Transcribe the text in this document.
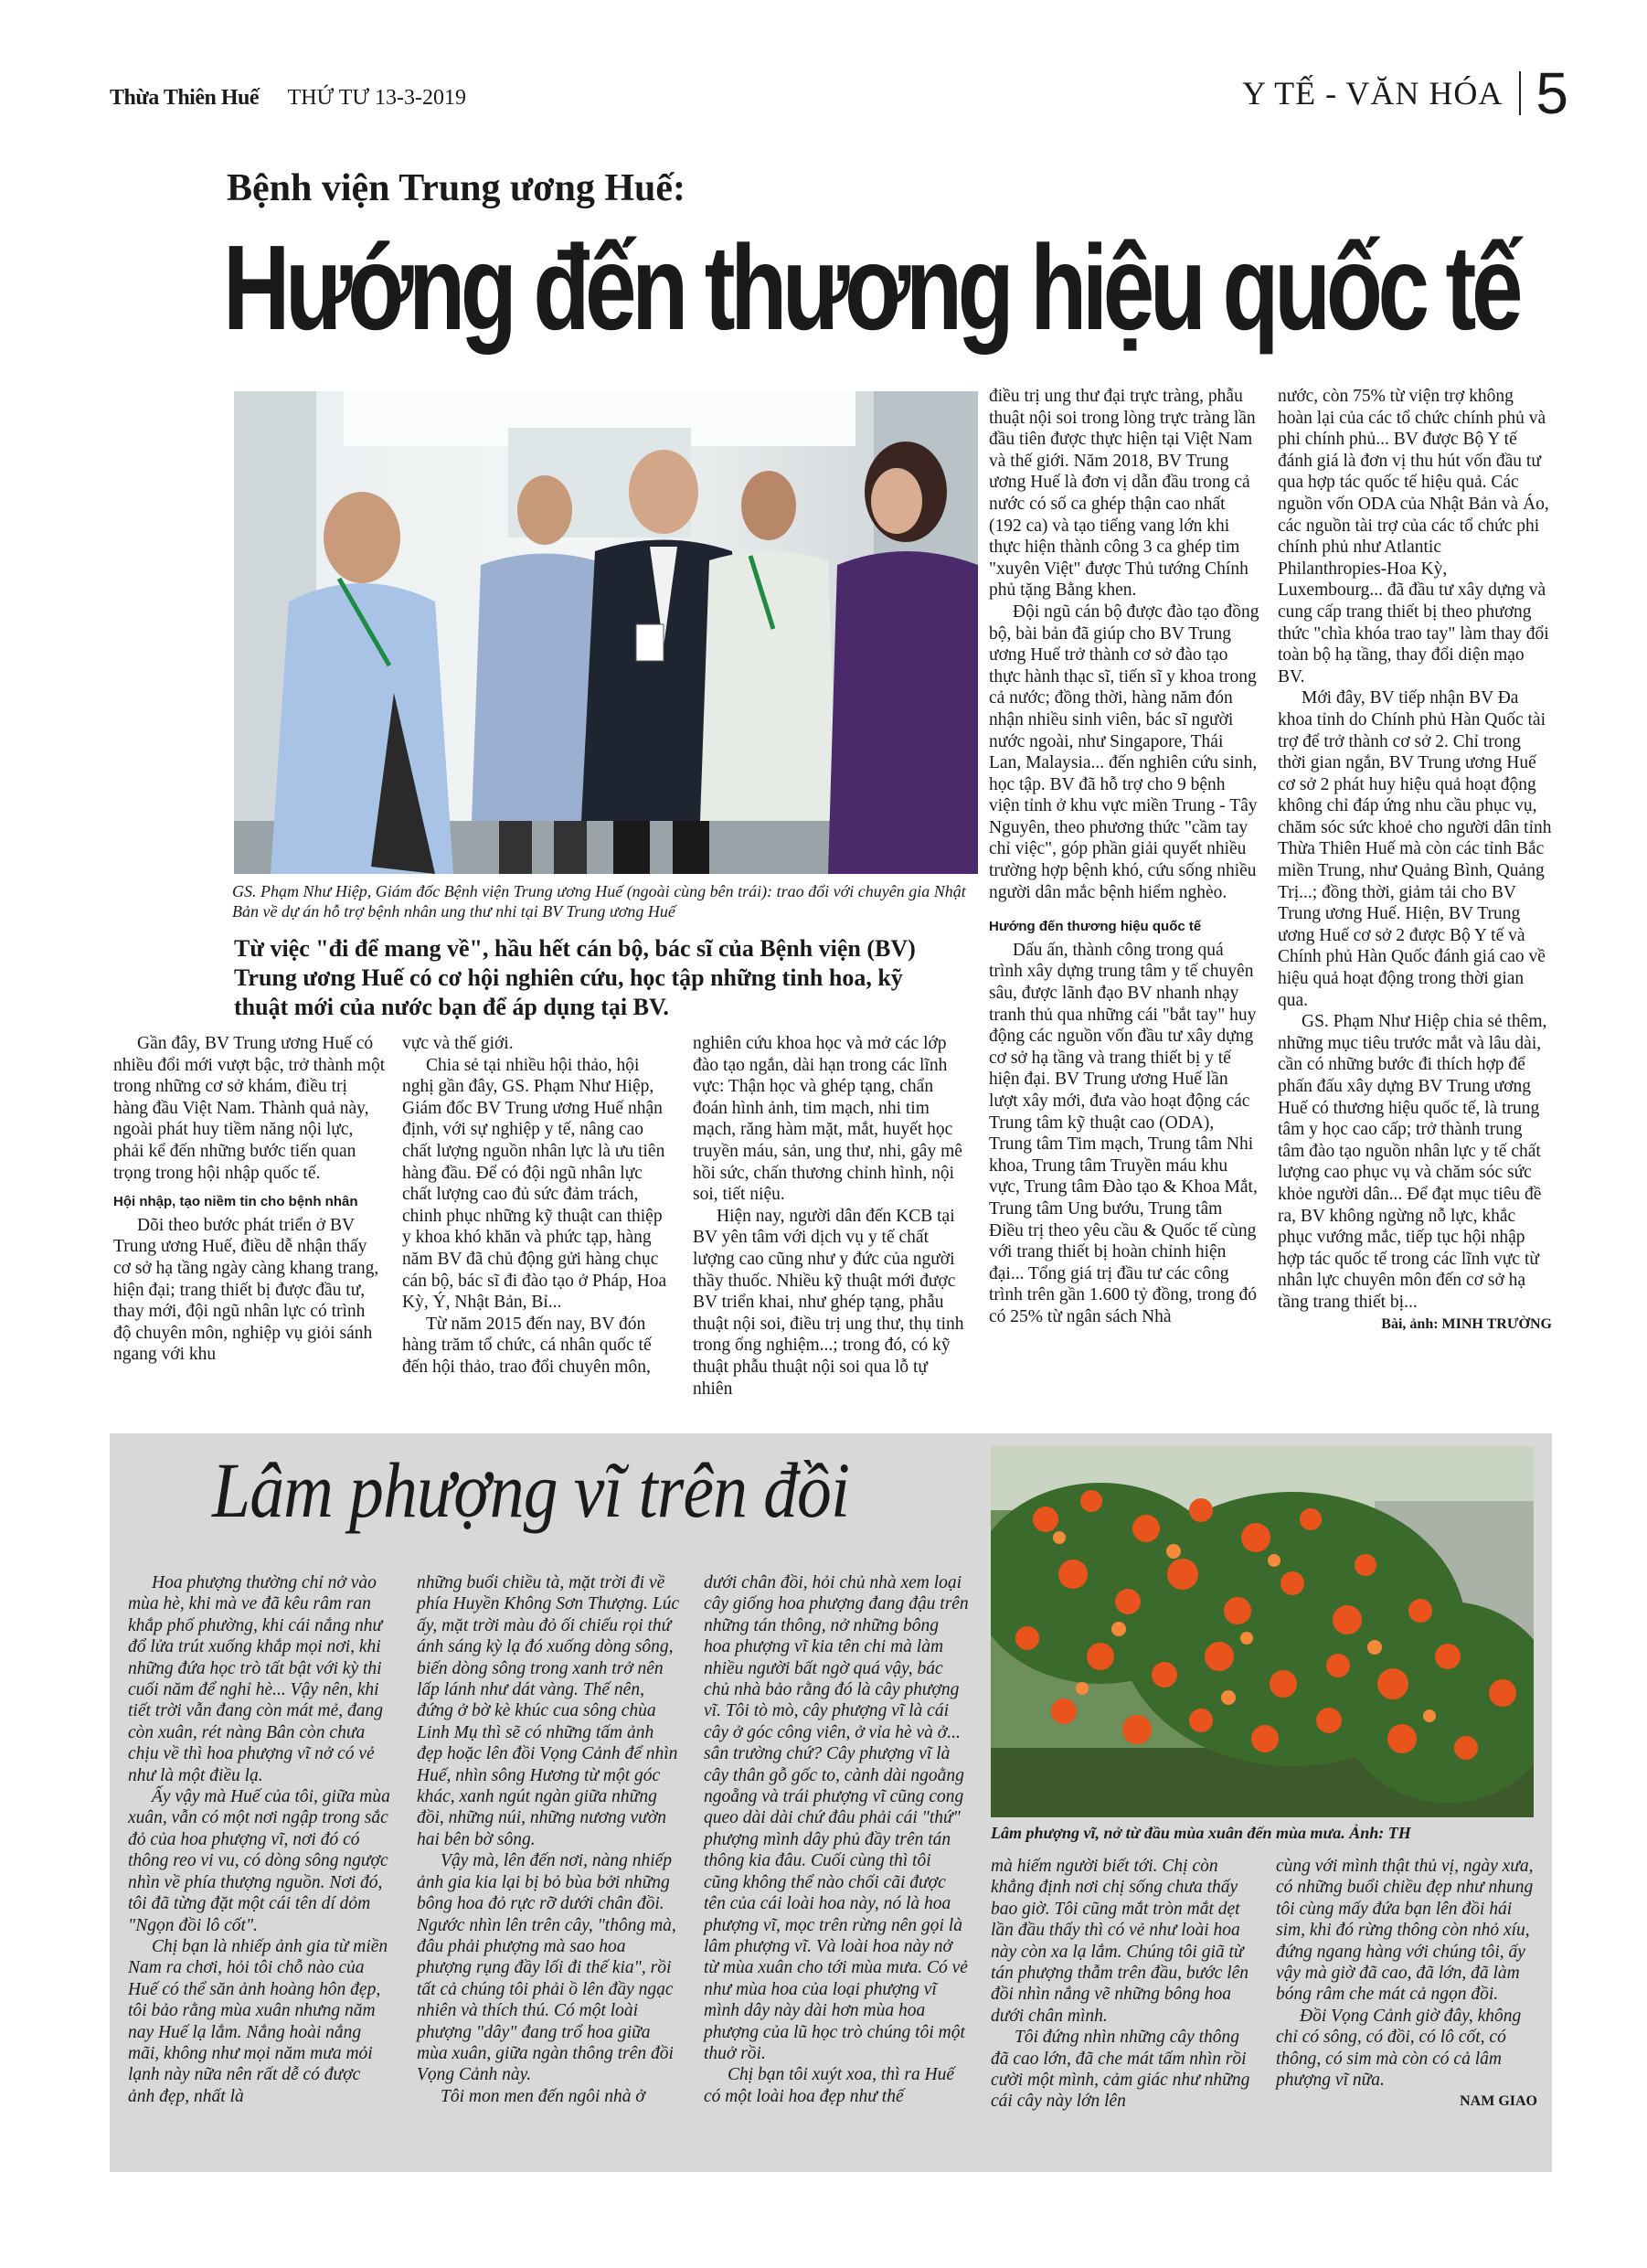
Thừa Thiên Huế THỨ TƯ 13-3-2019	Y TẾ - VĂN HÓA 5
Bệnh viện Trung ương Huế:
Hướng đến thương hiệu quốc tế
GS. Phạm Như Hiệp, Giám đốc Bệnh viện Trung ương Huế (ngoài cùng bên trái): trao đổi với chuyên gia Nhật Bản về dự án hỗ trợ bệnh nhân ung thư nhi tại BV Trung ương Huế
Từ việc "đi để mang về", hầu hết cán bộ, bác sĩ của Bệnh viện (BV) Trung ương Huế có cơ hội nghiên cứu, học tập những tinh hoa, kỹ thuật mới của nước bạn để áp dụng tại BV.

Gần đây, BV Trung ương Huế có nhiều đổi mới vượt bậc, trở thành một trong những cơ sở khám, điều trị hàng đầu Việt Nam. Thành quả này, ngoài phát huy tiềm năng nội lực, phải kể đến những bước tiến quan trọng trong hội nhập quốc tế.

Hội nhập, tạo niềm tin cho bệnh nhân

Dõi theo bước phát triển ở BV Trung ương Huế, điều dễ nhận thấy cơ sở hạ tầng ngày càng khang trang, hiện đại; trang thiết bị được đầu tư, thay mới, đội ngũ nhân lực có trình độ chuyên môn, nghiệp vụ giỏi sánh ngang với khu

vực và thế giới.

Chia sẻ tại nhiều hội thảo, hội nghị gần đây, GS. Phạm Như Hiệp, Giám đốc BV Trung ương Huế nhận định, với sự nghiệp y tế, nâng cao chất lượng nguồn nhân lực là ưu tiên hàng đầu. Để có đội ngũ nhân lực chất lượng cao đủ sức đảm trách, chinh phục những kỹ thuật can thiệp y khoa khó khăn và phức tạp, hàng năm BV đã chủ động gửi hàng chục cán bộ, bác sĩ đi đào tạo ở Pháp, Hoa Kỳ, Ý, Nhật Bản, Bỉ...

Từ năm 2015 đến nay, BV đón hàng trăm tổ chức, cá nhân quốc tế đến hội thảo, trao đổi chuyên môn,

nghiên cứu khoa học và mở các lớp đào tạo ngắn, dài hạn trong các lĩnh vực: Thận học và ghép tạng, chẩn đoán hình ảnh, tim mạch, nhi tim mạch, răng hàm mặt, mắt, huyết học truyền máu, sản, ung thư, nhi, gây mê hồi sức, chấn thương chỉnh hình, nội soi, tiết niệu.

Hiện nay, người dân đến KCB tại BV yên tâm với dịch vụ y tế chất lượng cao cũng như y đức của người thầy thuốc. Nhiều kỹ thuật mới được BV triển khai, như ghép tạng, phẫu thuật nội soi, điều trị ung thư, thụ tinh trong ống nghiệm...; trong đó, có kỹ thuật phẫu thuật nội soi qua lỗ tự nhiên

điều trị ung thư đại trực tràng, phẫu thuật nội soi trong lòng trực tràng lần đầu tiên được thực hiện tại Việt Nam và thế giới. Năm 2018, BV Trung ương Huế là đơn vị dẫn đầu trong cả nước có số ca ghép thận cao nhất (192 ca) và tạo tiếng vang lớn khi thực hiện thành công 3 ca ghép tim "xuyên Việt" được Thủ tướng Chính phủ tặng Bằng khen.

Đội ngũ cán bộ được đào tạo đồng bộ, bài bản đã giúp cho BV Trung ương Huế trở thành cơ sở đào tạo thực hành thạc sĩ, tiến sĩ y khoa trong cả nước; đồng thời, hàng năm đón nhận nhiều sinh viên, bác sĩ người nước ngoài, như Singapore, Thái Lan, Malaysia... đến nghiên cứu sinh, học tập. BV đã hỗ trợ cho 9 bệnh viện tỉnh ở khu vực miền Trung - Tây Nguyên, theo phương thức "cầm tay chỉ việc", góp phần giải quyết nhiều trường hợp bệnh khó, cứu sống nhiều người dân mắc bệnh hiểm nghèo.

Hướng đến thương hiệu quốc tế

Dấu ấn, thành công trong quá trình xây dựng trung tâm y tế chuyên sâu, được lãnh đạo BV nhanh nhạy tranh thủ qua những cái "bắt tay" huy động các nguồn vốn đầu tư xây dựng cơ sở hạ tầng và trang thiết bị y tế hiện đại. BV Trung ương Huế lần lượt xây mới, đưa vào hoạt động các Trung tâm kỹ thuật cao (ODA), Trung tâm Tim mạch, Trung tâm Nhi khoa, Trung tâm Truyền máu khu vực, Trung tâm Đào tạo & Khoa Mắt, Trung tâm Ung bướu, Trung tâm Điều trị theo yêu cầu & Quốc tế cùng với trang thiết bị hoàn chỉnh hiện đại... Tổng giá trị đầu tư các công trình trên gần 1.600 tỷ đồng, trong đó có 25% từ ngân sách Nhà

nước, còn 75% từ viện trợ không hoàn lại của các tổ chức chính phủ và phi chính phủ... BV được Bộ Y tế đánh giá là đơn vị thu hút vốn đầu tư qua hợp tác quốc tế hiệu quả. Các nguồn vốn ODA của Nhật Bản và Áo, các nguồn tài trợ của các tổ chức phi chính phủ như Atlantic Philanthropies-Hoa Kỳ, Luxembourg... đã đầu tư xây dựng và cung cấp trang thiết bị theo phương thức "chìa khóa trao tay" làm thay đổi toàn bộ hạ tầng, thay đổi diện mạo BV.

Mới đây, BV tiếp nhận BV Đa khoa tỉnh do Chính phủ Hàn Quốc tài trợ để trở thành cơ sở 2. Chỉ trong thời gian ngắn, BV Trung ương Huế cơ sở 2 phát huy hiệu quả hoạt động không chỉ đáp ứng nhu cầu phục vụ, chăm sóc sức khoẻ cho người dân tỉnh Thừa Thiên Huế mà còn các tỉnh Bắc miền Trung, như Quảng Bình, Quảng Trị...; đồng thời, giảm tải cho BV Trung ương Huế. Hiện, BV Trung ương Huế cơ sở 2 được Bộ Y tế và Chính phủ Hàn Quốc đánh giá cao về hiệu quả hoạt động trong thời gian qua.

GS. Phạm Như Hiệp chia sẻ thêm, những mục tiêu trước mắt và lâu dài, cần có những bước đi thích hợp để phấn đấu xây dựng BV Trung ương Huế có thương hiệu quốc tế, là trung tâm y học cao cấp; trở thành trung tâm đào tạo nguồn nhân lực y tế chất lượng cao phục vụ và chăm sóc sức khỏe người dân... Để đạt mục tiêu đề ra, BV không ngừng nỗ lực, khắc phục vướng mắc, tiếp tục hội nhập hợp tác quốc tế trong các lĩnh vực từ nhân lực chuyên môn đến cơ sở hạ tầng trang thiết bị...

Bài, ảnh: MINH TRƯỜNG

Lâm phượng vĩ trên đồi
Lâm phượng vĩ, nở từ đầu mùa xuân đến mùa mưa. Ảnh: TH

Hoa phượng thường chỉ nở vào mùa hè, khi mà ve đã kêu râm ran khắp phố phường, khi cái nắng như đổ lửa trút xuống khắp mọi nơi, khi những đứa học trò tất bật với kỳ thi cuối năm để nghỉ hè... Vậy nên, khi tiết trời vẫn đang còn mát mẻ, đang còn xuân, rét nàng Bân còn chưa chịu về thì hoa phượng vĩ nở có vẻ như là một điều lạ.

Ấy vậy mà Huế của tôi, giữa mùa xuân, vẫn có một nơi ngập trong sắc đỏ của hoa phượng vĩ, nơi đó có thông reo vi vu, có dòng sông ngược nhìn về phía thượng nguồn. Nơi đó, tôi đã từng đặt một cái tên dí dỏm "Ngọn đồi lô cốt".

Chị bạn là nhiếp ảnh gia từ miền Nam ra chơi, hỏi tôi chỗ nào của Huế có thể săn ảnh hoàng hôn đẹp, tôi bảo rằng mùa xuân nhưng năm nay Huế lạ lắm. Nắng hoài nắng mãi, không như mọi năm mưa mỏi lạnh này nữa nên rất dễ có được ảnh đẹp, nhất là

những buổi chiều tà, mặt trời đi về phía Huyền Không Sơn Thượng. Lúc ấy, mặt trời màu đỏ ối chiếu rọi thứ ánh sáng kỳ lạ đó xuống dòng sông, biến dòng sông trong xanh trở nên lấp lánh như dát vàng. Thế nên, đứng ở bờ kè khúc cua sông chùa Linh Mụ thì sẽ có những tấm ảnh đẹp hoặc lên đồi Vọng Cảnh để nhìn Huế, nhìn sông Hương từ một góc khác, xanh ngút ngàn giữa những đồi, những núi, những nương vườn hai bên bờ sông.

Vậy mà, lên đến nơi, nàng nhiếp ảnh gia kia lại bị bỏ bùa bởi những bông hoa đỏ rực rỡ dưới chân đồi. Ngước nhìn lên trên cây, "thông mà, đâu phải phượng mà sao hoa phượng rụng đầy lối đi thế kia", rồi tất cả chúng tôi phải ồ lên đầy ngạc nhiên và thích thú. Có một loài phượng "dây" đang trổ hoa giữa mùa xuân, giữa ngàn thông trên đồi Vọng Cảnh này.

Tôi mon men đến ngôi nhà ở

dưới chân đồi, hỏi chủ nhà xem loại cây giống hoa phượng đang đậu trên những tán thông, nở những bông hoa phượng vĩ kia tên chi mà làm nhiều người bất ngờ quá vậy, bác chủ nhà bảo rằng đó là cây phượng vĩ. Tôi tò mò, cây phượng vĩ là cái cây ở góc công viên, ở vỉa hè và ở... sân trường chứ? Cây phượng vĩ là cây thân gỗ gốc to, cành dài ngoằng ngoẵng và trái phượng vĩ cũng cong queo dài dài chứ đâu phải cái "thứ" phượng mình dây phủ đầy trên tán thông kia đâu. Cuối cùng thì tôi cũng không thể nào chối cãi được tên của cái loài hoa này, nó là hoa phượng vĩ, mọc trên rừng nên gọi là lâm phượng vĩ. Và loài hoa này nở từ mùa xuân cho tới mùa mưa. Có vẻ như mùa hoa của loại phượng vĩ mình dây này dài hơn mùa hoa phượng của lũ học trò chúng tôi một thuở rồi.

Chị bạn tôi xuýt xoa, thì ra Huế có một loài hoa đẹp như thế

mà hiếm người biết tới. Chị còn khẳng định nơi chị sống chưa thấy bao giờ. Tôi cũng mắt tròn mắt dẹt lần đầu thấy thì có vẻ như loài hoa này còn xa lạ lắm. Chúng tôi giã từ tán phượng thẫm trên đầu, bước lên đồi nhìn nắng vẽ những bông hoa dưới chân mình.

Tôi đứng nhìn những cây thông đã cao lớn, đã che mát tấm nhìn rồi cười một mình, cảm giác như những cái cây này lớn lên

cùng với mình thật thủ vị, ngày xưa, có những buổi chiều đẹp như nhung tôi cùng mấy đứa bạn lên đồi hái sim, khi đó rừng thông còn nhỏ xíu, đứng ngang hàng với chúng tôi, ấy vậy mà giờ đã cao, đã lớn, đã làm bóng râm che mát cả ngọn đồi.

Đồi Vọng Cảnh giờ đây, không chỉ có sông, có đồi, có lô cốt, có thông, có sim mà còn có cả lâm phượng vĩ nữa.

NAM GIAO
